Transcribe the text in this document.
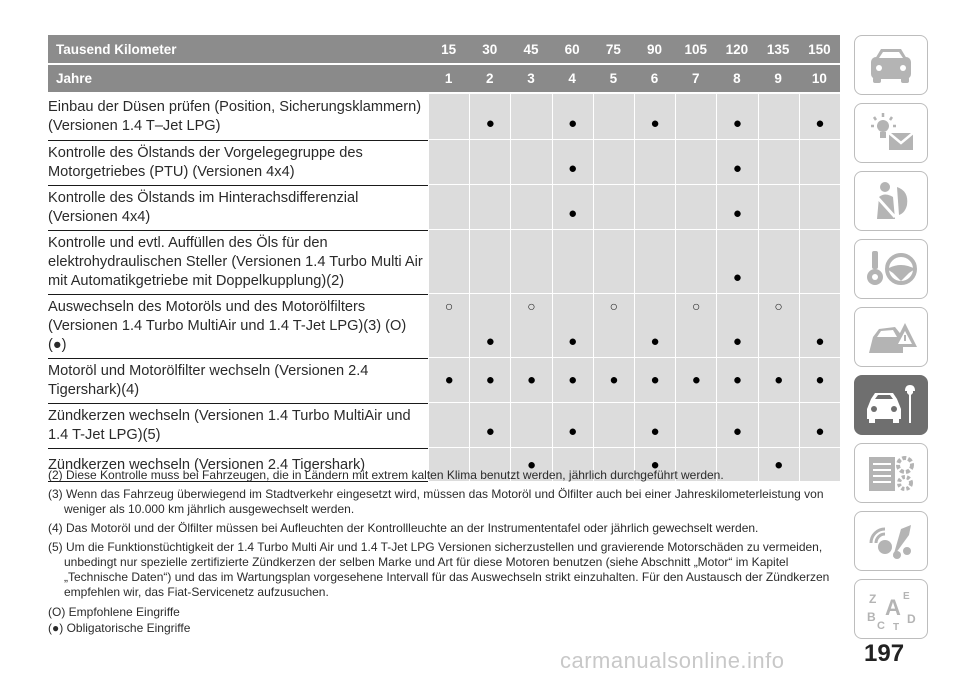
Tausend Kilometer	15	30	45	60	75	90	105	120	135	150
Jahre	1	2	3	4	5	6	7	8	9	10
Einbau der Düsen prüfen (Position, Sicherungsklammern) (Versionen 1.4 T–Jet LPG)		●		●		●		●		●

Kontrolle des Ölstands der Vorgelegegruppe des Motorgetriebes (PTU) (Versionen 4x4)				●				●		

Kontrolle des Ölstands im Hinterachsdifferenzial (Versionen 4x4)				●				●		

Kontrolle und evtl. Auffüllen des Öls für den elektrohydraulischen Steller (Versionen 1.4 Turbo Multi Air mit Automatikgetriebe mit Doppelkupplung)(2)								●		

Auswechseln des Motoröls und des Motorölfilters (Versionen 1.4 Turbo MultiAir und 1.4 T-Jet LPG)(3) (O) (●)	○	●	○	●	○	●	○	●	○	●

Motoröl und Motorölfilter wechseln (Versionen 2.4 Tigershark)(4)	●	●	●	●	●	●	●	●	●	●

Zündkerzen wechseln (Versionen 1.4 Turbo MultiAir und 1.4 T-Jet LPG)(5)		●		●		●		●		●

Zündkerzen wechseln (Versionen 2.4 Tigershark)			●			●			●	

(2) Diese Kontrolle muss bei Fahrzeugen, die in Ländern mit extrem kalten Klima benutzt werden, jährlich durchgeführt werden.

(3) Wenn das Fahrzeug überwiegend im Stadtverkehr eingesetzt wird, müssen das Motoröl und Ölfilter auch bei einer Jahreskilometerleistung von weniger als 10.000 km jährlich ausgewechselt werden.

(4) Das Motoröl und der Ölfilter müssen bei Aufleuchten der Kontrollleuchte an der Instrumententafel oder jährlich gewechselt werden.

(5) Um die Funktionstüchtigkeit der 1.4 Turbo Multi Air und 1.4 T-Jet LPG Versionen sicherzustellen und gravierende Motorschäden zu vermeiden, unbedingt nur spezielle zertifizierte Zündkerzen der selben Marke und Art für diese Motoren benutzen (siehe Abschnitt „Motor“ im Kapitel „Technische Daten“) und das im Wartungsplan vorgesehene Intervall für das Auswechseln strikt einzuhalten. Für den Austausch der Zündkerzen empfehlen wir, das Fiat-Servicenetz aufzusuchen.

(O) Empfohlene Eingriffe

(●) Obligatorische Eingriffe

Z	E
A
B
C D
T
carmanualsonline.info	197
